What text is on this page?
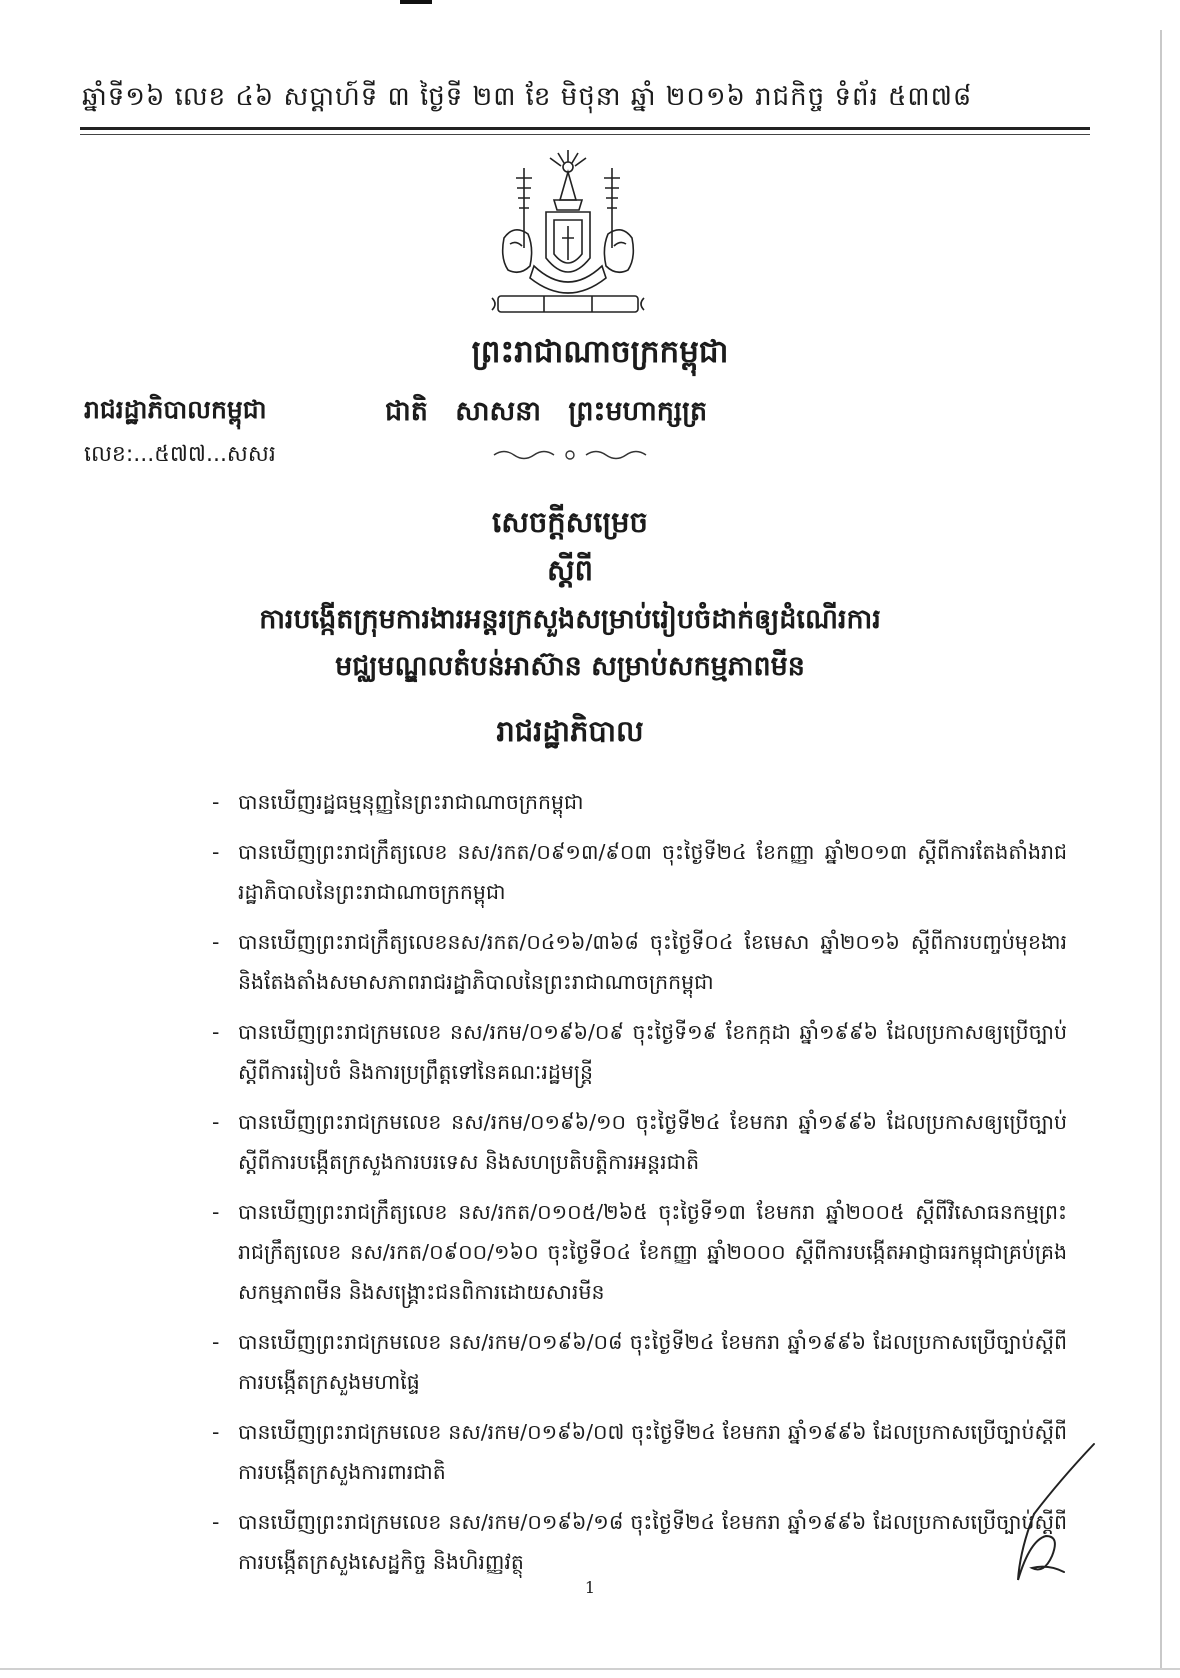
ឆ្នាំទី១៦ លេខ ៤៦ សប្តាហ៍ទី ៣ ថ្ងៃទី ២៣ ខែ មិថុនា ឆ្នាំ ២០១៦ រាជកិច្ច ទំព័រ ៥៣៧៨
ព្រះរាជាណាចក្រកម្ពុជា
រាជរដ្ឋាភិបាលកម្ពុជា	ជាតិ សាសនា ព្រះមហាក្សត្រ
លេខ:...៥៧៧...សសរ
សេចក្តីសម្រេច
ស្តីពី
ការបង្កើតក្រុមការងារអន្តរក្រសួងសម្រាប់រៀបចំដាក់ឲ្យដំណើរការ
មជ្ឈមណ្ឌលតំបន់អាស៊ាន សម្រាប់សកម្មភាពមីន
រាជរដ្ឋាភិបាល
- បានឃើញរដ្ឋធម្មនុញ្ញនៃព្រះរាជាណាចក្រកម្ពុជា
- បានឃើញព្រះរាជក្រឹត្យលេខ នស/រកត/០៩១៣/៩០៣ ចុះថ្ងៃទី២៤ ខែកញ្ញា ឆ្នាំ២០១៣ ស្តីពីការតែងតាំងរាជរដ្ឋាភិបាលនៃព្រះរាជាណាចក្រកម្ពុជា
- បានឃើញព្រះរាជក្រឹត្យលេខនស/រកត/០៤១៦/៣៦៨ ចុះថ្ងៃទី០៤ ខែមេសា ឆ្នាំ២០១៦ ស្តីពីការបញ្ចប់មុខងារ និងតែងតាំងសមាសភាពរាជរដ្ឋាភិបាលនៃព្រះរាជាណាចក្រកម្ពុជា
- បានឃើញព្រះរាជក្រមលេខ នស/រកម/០១៩៦/០៩ ចុះថ្ងៃទី១៩ ខែកក្កដា ឆ្នាំ១៩៩៦ ដែលប្រកាសឲ្យប្រើច្បាប់ស្តីពីការរៀបចំ និងការប្រព្រឹត្តទៅនៃគណៈរដ្ឋមន្ត្រី
- បានឃើញព្រះរាជក្រមលេខ នស/រកម/០១៩៦/១០ ចុះថ្ងៃទី២៤ ខែមករា ឆ្នាំ១៩៩៦ ដែលប្រកាសឲ្យប្រើច្បាប់ស្តីពីការបង្កើតក្រសួងការបរទេស និងសហប្រតិបត្តិការអន្តរជាតិ
- បានឃើញព្រះរាជក្រឹត្យលេខ នស/រកត/០១០៥/២៦៥ ចុះថ្ងៃទី១៣ ខែមករា ឆ្នាំ២០០៥ ស្តីពីវិសោធនកម្មព្រះរាជក្រឹត្យលេខ នស/រកត/០៩០០/១៦០ ចុះថ្ងៃទី០៤ ខែកញ្ញា ឆ្នាំ២០០០ ស្តីពីការបង្កើតអាជ្ញាធរកម្ពុជាគ្រប់គ្រងសកម្មភាពមីន និងសង្គ្រោះជនពិការដោយសារមីន
- បានឃើញព្រះរាជក្រមលេខ នស/រកម/០១៩៦/០៨ ចុះថ្ងៃទី២៤ ខែមករា ឆ្នាំ១៩៩៦ ដែលប្រកាសប្រើច្បាប់ស្តីពីការបង្កើតក្រសួងមហាផ្ទៃ
- បានឃើញព្រះរាជក្រមលេខ នស/រកម/០១៩៦/០៧ ចុះថ្ងៃទី២៤ ខែមករា ឆ្នាំ១៩៩៦ ដែលប្រកាសប្រើច្បាប់ស្តីពីការបង្កើតក្រសួងការពារជាតិ
- បានឃើញព្រះរាជក្រមលេខ នស/រកម/០១៩៦/១៨ ចុះថ្ងៃទី២៤ ខែមករា ឆ្នាំ១៩៩៦ ដែលប្រកាសប្រើច្បាប់ស្តីពីការបង្កើតក្រសួងសេដ្ឋកិច្ច និងហិរញ្ញវត្ថុ
1
